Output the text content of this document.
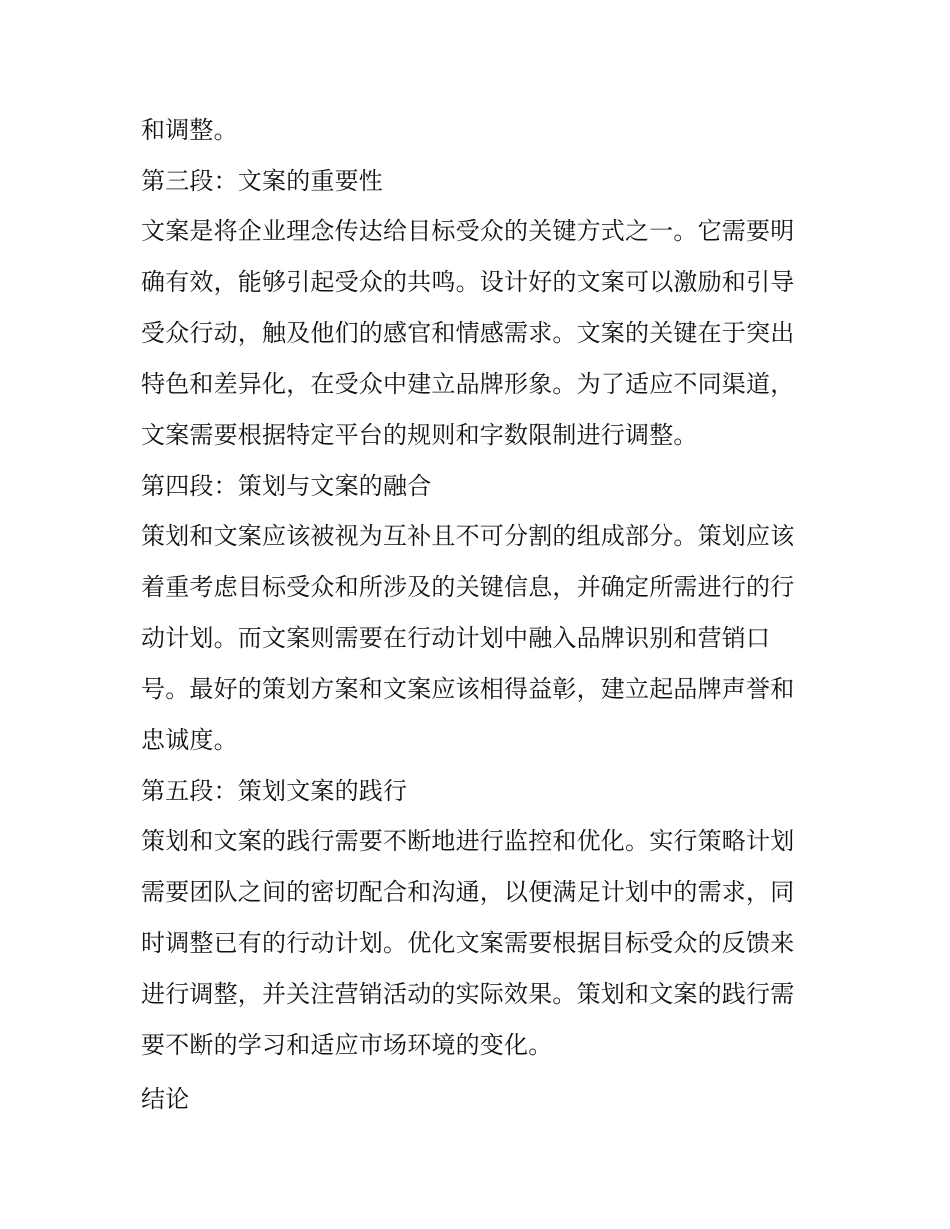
和调整。
第三段：文案的重要性
文案是将企业理念传达给目标受众的关键方式之一。它需要明
确有效，能够引起受众的共鸣。设计好的文案可以激励和引导
受众行动，触及他们的感官和情感需求。文案的关键在于突出
特色和差异化，在受众中建立品牌形象。为了适应不同渠道，
文案需要根据特定平台的规则和字数限制进行调整。
第四段：策划与文案的融合
策划和文案应该被视为互补且不可分割的组成部分。策划应该
着重考虑目标受众和所涉及的关键信息，并确定所需进行的行
动计划。而文案则需要在行动计划中融入品牌识别和营销口
号。最好的策划方案和文案应该相得益彰，建立起品牌声誉和
忠诚度。
第五段：策划文案的践行
策划和文案的践行需要不断地进行监控和优化。实行策略计划
需要团队之间的密切配合和沟通，以便满足计划中的需求，同
时调整已有的行动计划。优化文案需要根据目标受众的反馈来
进行调整，并关注营销活动的实际效果。策划和文案的践行需
要不断的学习和适应市场环境的变化。
结论
